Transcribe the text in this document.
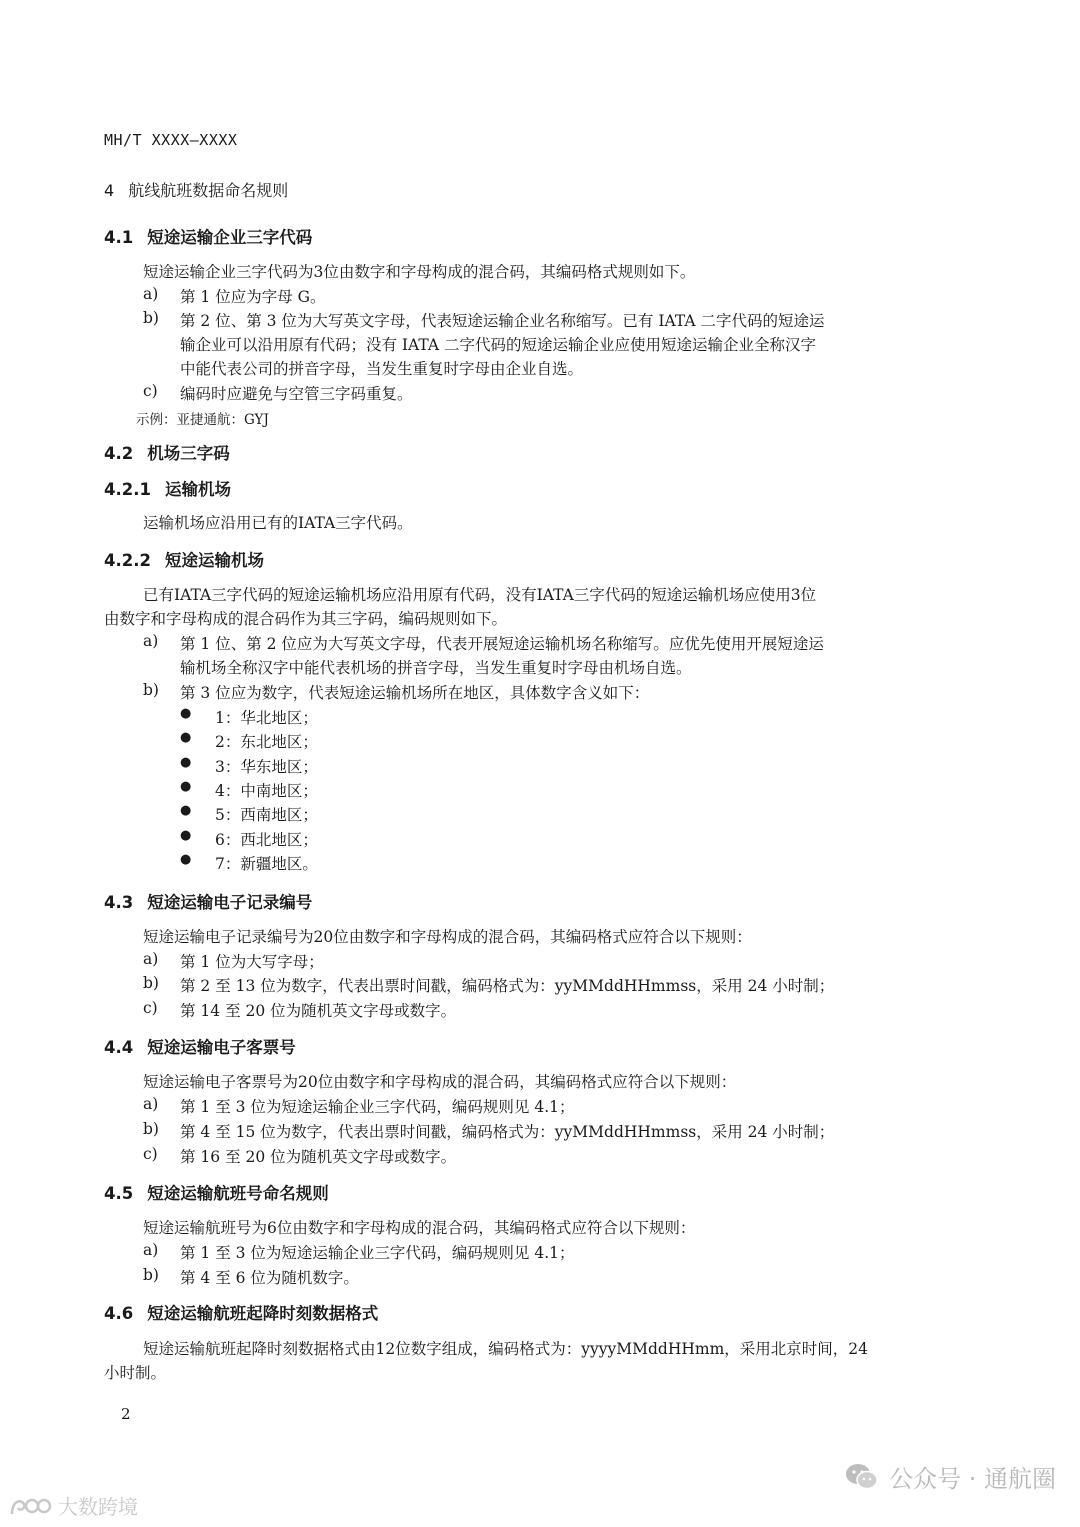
MH/T XXXX—XXXX
4 航线航班数据命名规则
4.1 短途运输企业三字代码
短途运输企业三字代码为3位由数字和字母构成的混合码，其编码格式规则如下。
a) 第 1 位应为字母 G。
b) 第 2 位、第 3 位为大写英文字母，代表短途运输企业名称缩写。已有 IATA 二字代码的短途运
输企业可以沿用原有代码；没有 IATA 二字代码的短途运输企业应使用短途运输企业全称汉字
中能代表公司的拼音字母，当发生重复时字母由企业自选。
c) 编码时应避免与空管三字码重复。
示例：亚捷通航：GYJ
4.2 机场三字码
4.2.1 运输机场
运输机场应沿用已有的IATA三字代码。
4.2.2 短途运输机场
已有IATA三字代码的短途运输机场应沿用原有代码，没有IATA三字代码的短途运输机场应使用3位
由数字和字母构成的混合码作为其三字码，编码规则如下。
a) 第 1 位、第 2 位应为大写英文字母，代表开展短途运输机场名称缩写。应优先使用开展短途运
输机场全称汉字中能代表机场的拼音字母，当发生重复时字母由机场自选。
b) 第 3 位应为数字，代表短途运输机场所在地区，具体数字含义如下：
● 1：华北地区；
● 2：东北地区；
● 3：华东地区；
● 4：中南地区；
● 5：西南地区；
● 6：西北地区；
● 7：新疆地区。
4.3 短途运输电子记录编号
短途运输电子记录编号为20位由数字和字母构成的混合码，其编码格式应符合以下规则：
a) 第 1 位为大写字母；
b) 第 2 至 13 位为数字，代表出票时间戳，编码格式为：yyMMddHHmmss，采用 24 小时制；
c) 第 14 至 20 位为随机英文字母或数字。
4.4 短途运输电子客票号
短途运输电子客票号为20位由数字和字母构成的混合码，其编码格式应符合以下规则：
a) 第 1 至 3 位为短途运输企业三字代码，编码规则见 4.1；
b) 第 4 至 15 位为数字，代表出票时间戳，编码格式为：yyMMddHHmmss，采用 24 小时制；
c) 第 16 至 20 位为随机英文字母或数字。
4.5 短途运输航班号命名规则
短途运输航班号为6位由数字和字母构成的混合码，其编码格式应符合以下规则：
a) 第 1 至 3 位为短途运输企业三字代码，编码规则见 4.1；
b) 第 4 至 6 位为随机数字。
4.6 短途运输航班起降时刻数据格式
短途运输航班起降时刻数据格式由12位数字组成，编码格式为：yyyyMMddHHmm，采用北京时间，24
小时制。
2
公众号 · 通航圈
大数跨境
